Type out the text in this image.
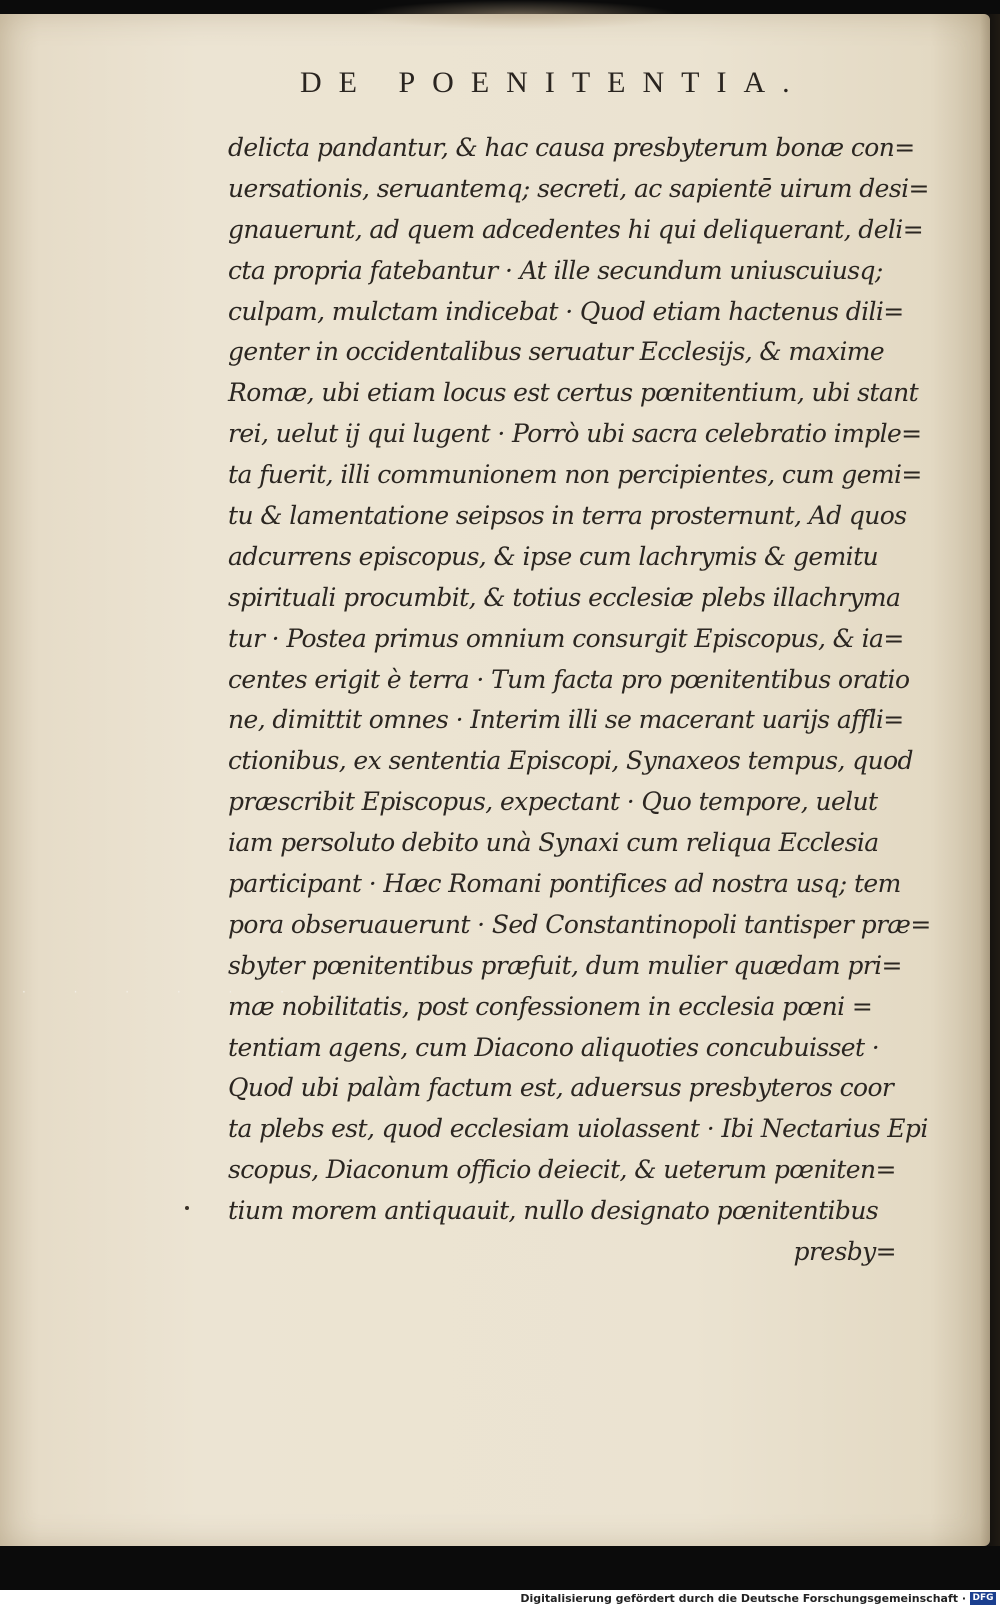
DE POENITENTIA.
delicta pandantur, & hac causa presbyterum bonæ con=
uersationis, seruantemq; secreti, ac sapientē uirum desi=
gnauerunt, ad quem adcedentes hi qui deliquerant, deli=
cta propria fatebantur · At ille secundum uniuscuiusq;
culpam, mulctam indicebat · Quod etiam hactenus dili=
genter in occidentalibus seruatur Ecclesijs, & maxime
Romæ, ubi etiam locus est certus pœnitentium, ubi stant
rei, uelut ij qui lugent · Porrò ubi sacra celebratio imple=
ta fuerit, illi communionem non percipientes, cum gemi=
tu & lamentatione seipsos in terra prosternunt, Ad quos
adcurrens episcopus, & ipse cum lachrymis & gemitu
spirituali procumbit, & totius ecclesiæ plebs illachryma
tur · Postea primus omnium consurgit Episcopus, & ia=
centes erigit è terra · Tum facta pro pœnitentibus oratio
ne, dimittit omnes · Interim illi se macerant uarijs affli=
ctionibus, ex sententia Episcopi, Synaxeos tempus, quod
præscribit Episcopus, expectant · Quo tempore, uelut
iam persoluto debito unà Synaxi cum reliqua Ecclesia
participant · Hæc Romani pontifices ad nostra usq; tem
pora obseruauerunt · Sed Constantinopoli tantisper præ=
sbyter pœnitentibus præfuit, dum mulier quædam pri=
mæ nobilitatis, post confessionem in ecclesia pœni =
tentiam agens, cum Diacono aliquoties concubuisset ·
Quod ubi palàm factum est, aduersus presbyteros coor
ta plebs est, quod ecclesiam uiolassent · Ibi Nectarius Epi
scopus, Diaconum officio deiecit, & ueterum pœniten=
tium morem antiquauit, nullo designato pœnitentibus
presby=
· · · · · ·
Digitalisierung gefördert durch die Deutsche Forschungsgemeinschaft · DFG
